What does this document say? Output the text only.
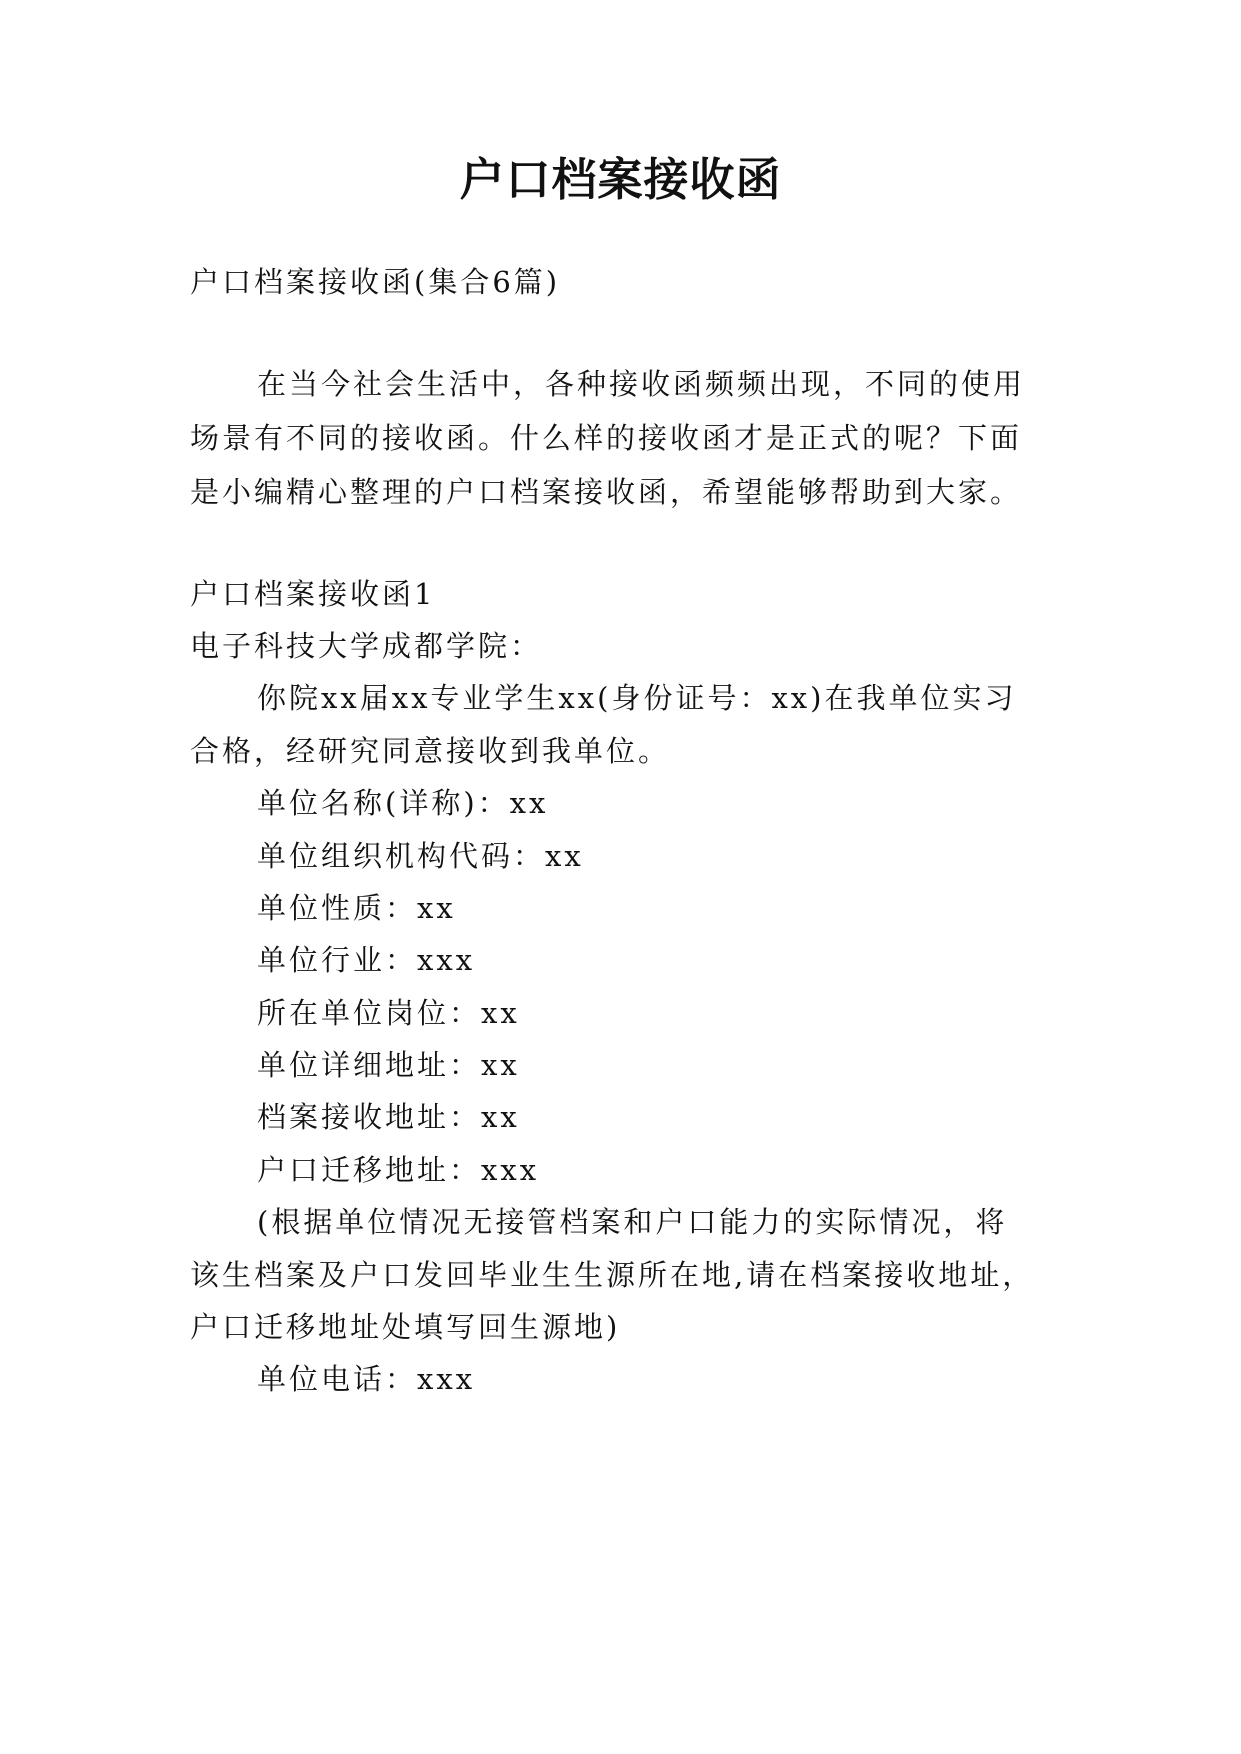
户口档案接收函
户口档案接收函(集合6篇)
在当今社会生活中，各种接收函频频出现，不同的使用
场景有不同的接收函。什么样的接收函才是正式的呢？下面
是小编精心整理的户口档案接收函，希望能够帮助到大家。
户口档案接收函1
电子科技大学成都学院：
你院xx届xx专业学生xx(身份证号：xx)在我单位实习
合格，经研究同意接收到我单位。
单位名称(详称)：xx
单位组织机构代码：xx
单位性质：xx
单位行业：xxx
所在单位岗位：xx
单位详细地址：xx
档案接收地址：xx
户口迁移地址：xxx
(根据单位情况无接管档案和户口能力的实际情况，将
该生档案及户口发回毕业生生源所在地,请在档案接收地址，
户口迁移地址处填写回生源地)
单位电话：xxx
